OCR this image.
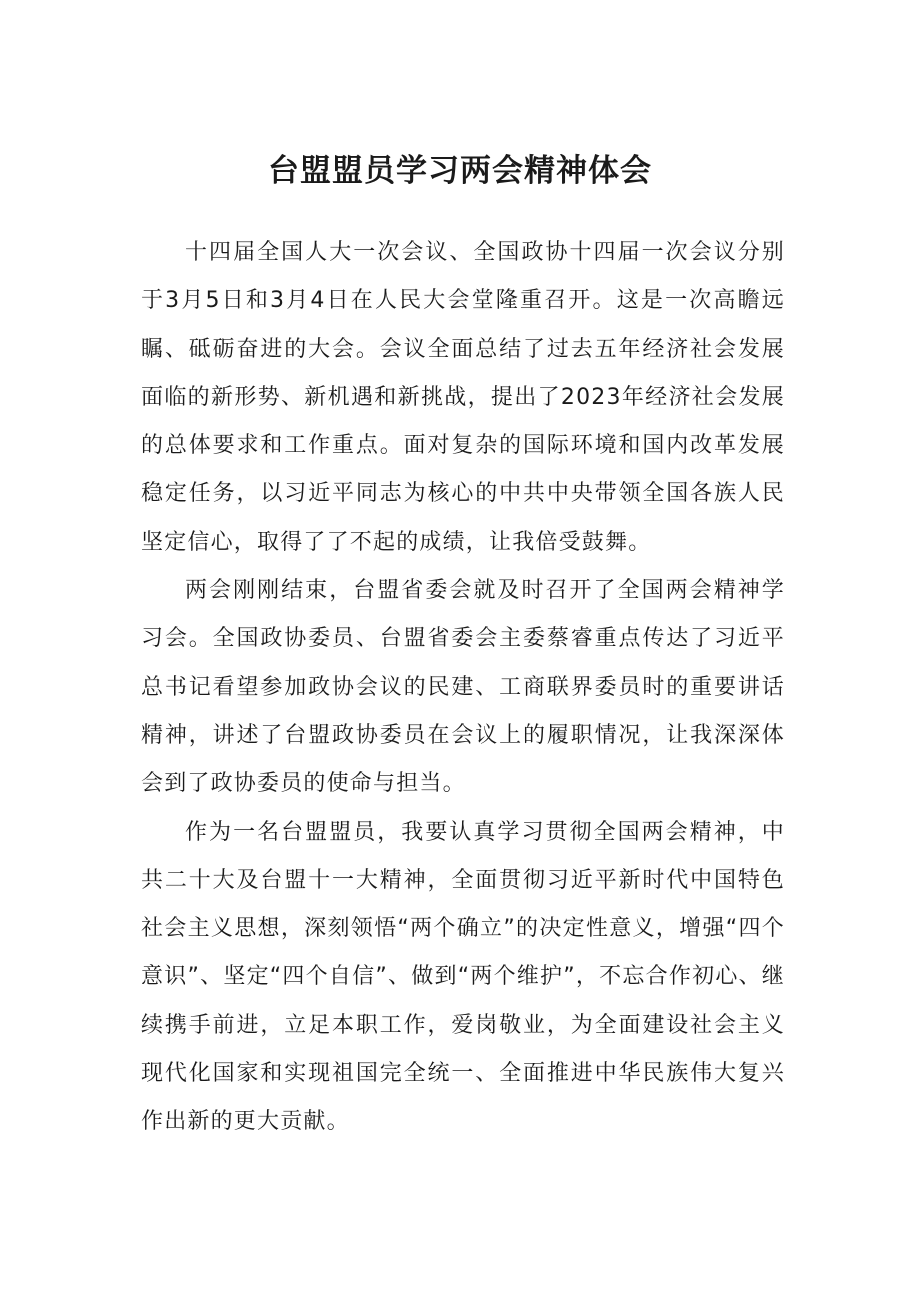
台盟盟员学习两会精神体会

十四届全国人大一次会议、全国政协十四届一次会议分别于3月5日和3月4日在人民大会堂隆重召开。这是一次高瞻远瞩、砥砺奋进的大会。会议全面总结了过去五年经济社会发展面临的新形势、新机遇和新挑战，提出了2023年经济社会发展的总体要求和工作重点。面对复杂的国际环境和国内改革发展稳定任务，以习近平同志为核心的中共中央带领全国各族人民坚定信心，取得了了不起的成绩，让我倍受鼓舞。

两会刚刚结束，台盟省委会就及时召开了全国两会精神学习会。全国政协委员、台盟省委会主委蔡睿重点传达了习近平总书记看望参加政协会议的民建、工商联界委员时的重要讲话精神，讲述了台盟政协委员在会议上的履职情况，让我深深体会到了政协委员的使命与担当。

作为一名台盟盟员，我要认真学习贯彻全国两会精神，中共二十大及台盟十一大精神，全面贯彻习近平新时代中国特色社会主义思想，深刻领悟“两个确立”的决定性意义，增强“四个意识”、坚定“四个自信”、做到“两个维护”，不忘合作初心、继续携手前进，立足本职工作，爱岗敬业，为全面建设社会主义现代化国家和实现祖国完全统一、全面推进中华民族伟大复兴作出新的更大贡献。
